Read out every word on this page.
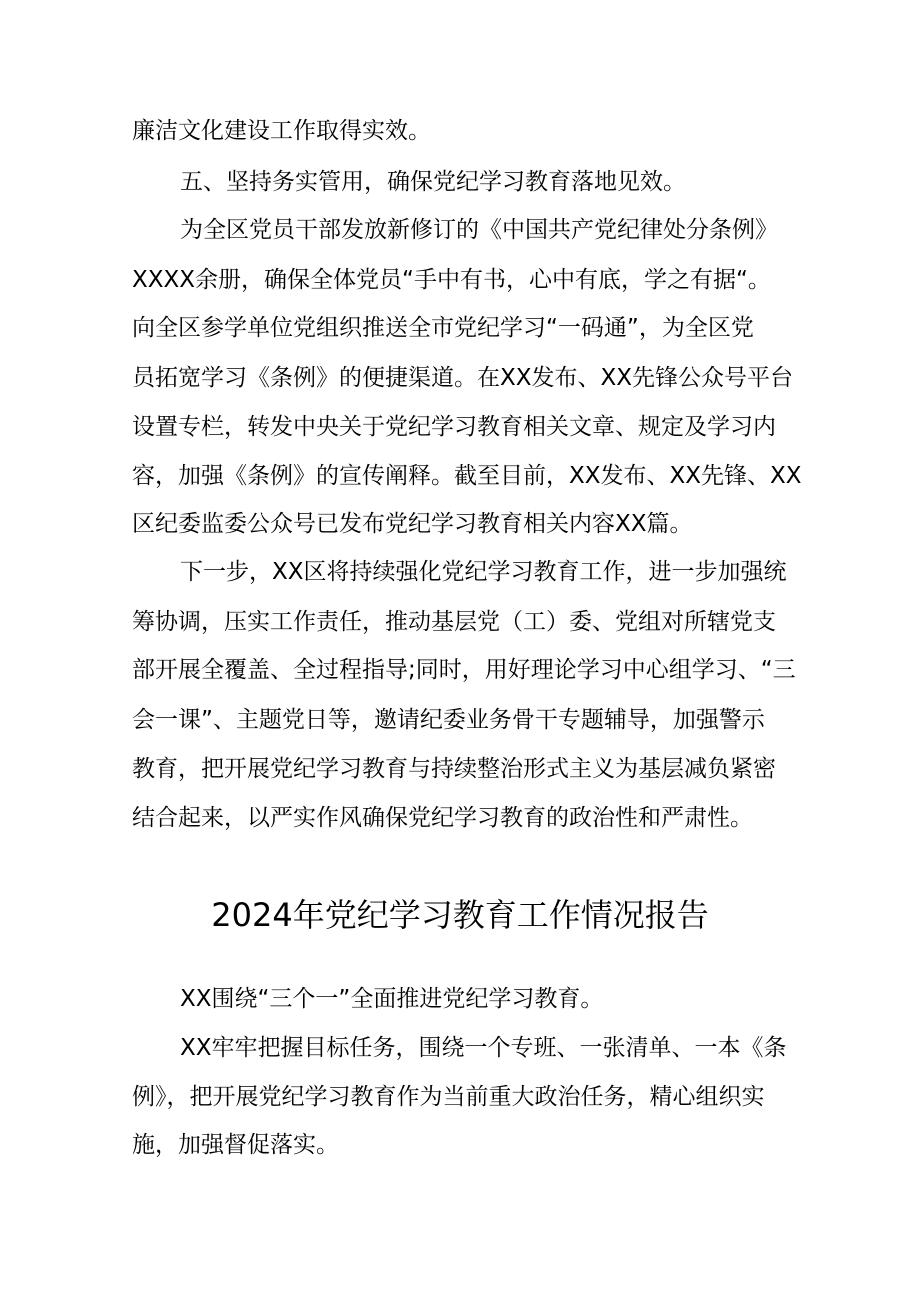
廉洁文化建设工作取得实效。
五、坚持务实管用，确保党纪学习教育落地见效。
为全区党员干部发放新修订的《中国共产党纪律处分条例》
XXXX余册，确保全体党员“手中有书，心中有底，学之有据“。
向全区参学单位党组织推送全市党纪学习“一码通”，为全区党
员拓宽学习《条例》的便捷渠道。在XX发布、XX先锋公众号平台
设置专栏，转发中央关于党纪学习教育相关文章、规定及学习内
容，加强《条例》的宣传阐释。截至目前，XX发布、XX先锋、XX
区纪委监委公众号已发布党纪学习教育相关内容XX篇。
下一步，XX区将持续强化党纪学习教育工作，进一步加强统
筹协调，压实工作责任，推动基层党（工）委、党组对所辖党支
部开展全覆盖、全过程指导;同时，用好理论学习中心组学习、“三
会一课”、主题党日等，邀请纪委业务骨干专题辅导，加强警示
教育，把开展党纪学习教育与持续整治形式主义为基层减负紧密
结合起来，以严实作风确保党纪学习教育的政治性和严肃性。
2024年党纪学习教育工作情况报告
XX围绕“三个一”全面推进党纪学习教育。
XX牢牢把握目标任务，围绕一个专班、一张清单、一本《条
例》，把开展党纪学习教育作为当前重大政治任务，精心组织实
施，加强督促落实。
